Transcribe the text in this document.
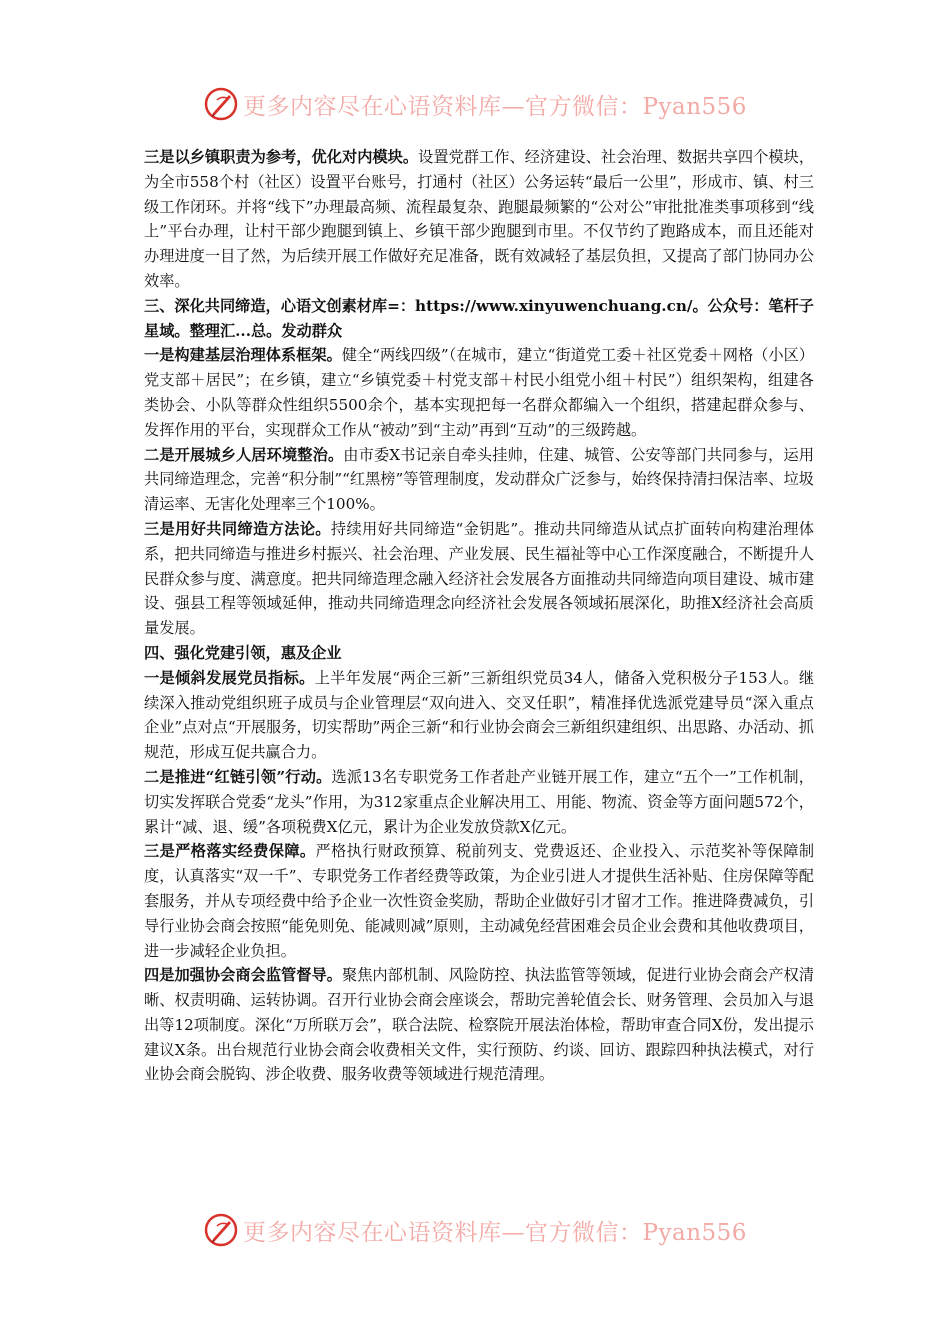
更多内容尽在心语资料库—官方微信：Pyan556

三是以乡镇职责为参考，优化对内模块。设置党群工作、经济建设、社会治理、数据共享四个模块，为全市558个村（社区）设置平台账号，打通村（社区）公务运转“最后一公里”，形成市、镇、村三级工作闭环。并将“线下”办理最高频、流程最复杂、跑腿最频繁的“公对公”审批批准类事项移到“线上”平台办理，让村干部少跑腿到镇上、乡镇干部少跑腿到市里。不仅节约了跑路成本，而且还能对办理进度一目了然，为后续开展工作做好充足准备，既有效减轻了基层负担，又提高了部门协同办公效率。

三、深化共同缔造，心语文创素材库=：https://www.xinyuwenchuang.cn/。公众号：笔杆子星域。整理汇...总。发动群众

一是构建基层治理体系框架。健全“两线四级”（在城市，建立“街道党工委＋社区党委＋网格（小区）党支部＋居民”；在乡镇，建立“乡镇党委＋村党支部＋村民小组党小组＋村民”）组织架构，组建各类协会、小队等群众性组织5500余个，基本实现把每一名群众都编入一个组织，搭建起群众参与、发挥作用的平台，实现群众工作从“被动”到“主动”再到“互动”的三级跨越。

二是开展城乡人居环境整治。由市委X书记亲自牵头挂帅，住建、城管、公安等部门共同参与，运用共同缔造理念，完善“积分制”“红黑榜”等管理制度，发动群众广泛参与，始终保持清扫保洁率、垃圾清运率、无害化处理率三个100%。

三是用好共同缔造方法论。持续用好共同缔造“金钥匙”。推动共同缔造从试点扩面转向构建治理体系，把共同缔造与推进乡村振兴、社会治理、产业发展、民生福祉等中心工作深度融合，不断提升人民群众参与度、满意度。把共同缔造理念融入经济社会发展各方面推动共同缔造向项目建设、城市建设、强县工程等领域延伸，推动共同缔造理念向经济社会发展各领域拓展深化，助推X经济社会高质量发展。

四、强化党建引领，惠及企业

一是倾斜发展党员指标。上半年发展“两企三新”三新组织党员34人，储备入党积极分子153人。继续深入推动党组织班子成员与企业管理层“双向进入、交叉任职”，精准择优选派党建导员“深入重点企业”点对点“开展服务，切实帮助”两企三新“和行业协会商会三新组织建组织、出思路、办活动、抓规范，形成互促共赢合力。

二是推进“红链引领”行动。选派13名专职党务工作者赴产业链开展工作，建立“五个一”工作机制，切实发挥联合党委“龙头”作用，为312家重点企业解决用工、用能、物流、资金等方面问题572个，累计“减、退、缓”各项税费X亿元，累计为企业发放贷款X亿元。

三是严格落实经费保障。严格执行财政预算、税前列支、党费返还、企业投入、示范奖补等保障制度，认真落实“双一千”、专职党务工作者经费等政策，为企业引进人才提供生活补贴、住房保障等配套服务，并从专项经费中给予企业一次性资金奖励，帮助企业做好引才留才工作。推进降费减负，引导行业协会商会按照“能免则免、能减则减”原则，主动减免经营困难会员企业会费和其他收费项目，进一步减轻企业负担。

四是加强协会商会监管督导。聚焦内部机制、风险防控、执法监管等领域，促进行业协会商会产权清晰、权责明确、运转协调。召开行业协会商会座谈会，帮助完善轮值会长、财务管理、会员加入与退出等12项制度。深化“万所联万会”，联合法院、检察院开展法治体检，帮助审查合同X份，发出提示建议X条。出台规范行业协会商会收费相关文件，实行预防、约谈、回访、跟踪四种执法模式，对行业协会商会脱钩、涉企收费、服务收费等领域进行规范清理。

更多内容尽在心语资料库—官方微信：Pyan556
